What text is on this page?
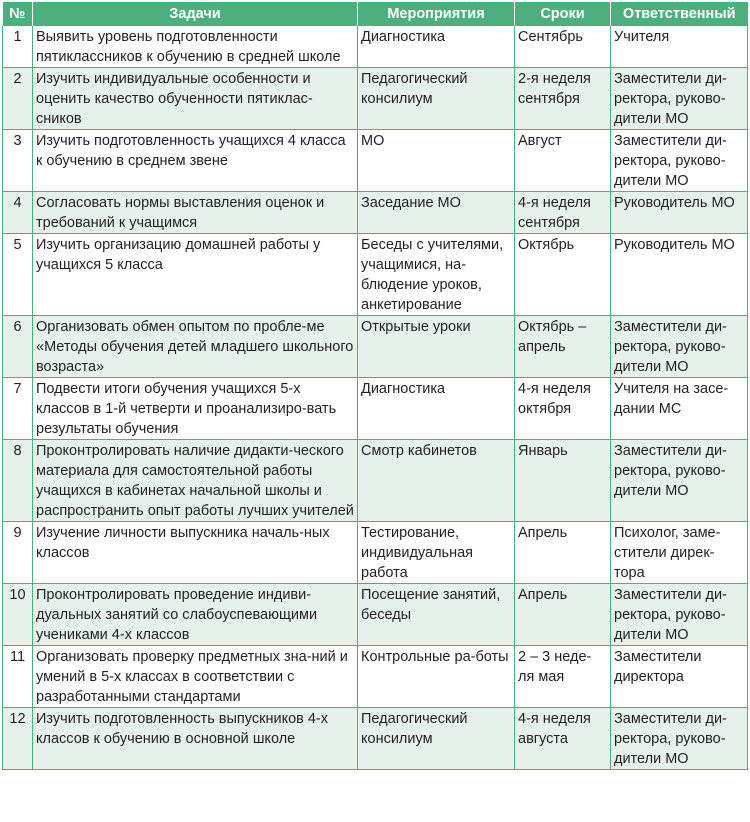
№	Задачи	Мероприятия	Сроки	Ответственный
1	Выявить уровень подготовленности пятиклассников к обучению в средней школе	Диагностика	Сентябрь	Учителя
2	Изучить индивидуальные особенности и оценить качество обученности пятиклас-сников	Педагогический консилиум	2-я неделя сентября	Заместители ди-ректора, руково-дители МО
3	Изучить подготовленность учащихся 4 класса к обучению в среднем звене	МО	Август	Заместители ди-ректора, руково-дители МО
4	Согласовать нормы выставления оценок и требований к учащимся	Заседание МО	4-я неделя сентября	Руководитель МО
5	Изучить организацию домашней работы у учащихся 5 класса	Беседы с учителями, учащимися, на-блюдение уроков, анкетирование	Октябрь	Руководитель МО
6	Организовать обмен опытом по пробле-ме «Методы обучения детей младшего школьного возраста»	Открытые уроки	Октябрь – апрель	Заместители ди-ректора, руково-дители МО
7	Подвести итоги обучения учащихся 5-х классов в 1-й четверти и проанализиро-вать результаты обучения	Диагностика	4-я неделя октября	Учителя на засе-дании МС
8	Проконтролировать наличие дидакти-ческого материала для самостоятельной работы учащихся в кабинетах начальной школы и распространить опыт работы лучших учителей	Смотр кабинетов	Январь	Заместители ди-ректора, руково-дители МО
9	Изучение личности выпускника началь-ных классов	Тестирование, индивидуальная работа	Апрель	Психолог, заме-стители дирек-тора
10	Проконтролировать проведение индиви-дуальных занятий со слабоуспевающими учениками 4-х классов	Посещение занятий, беседы	Апрель	Заместители ди-ректора, руково-дители МО
11	Организовать проверку предметных зна-ний и умений в 5-х классах в соответствии с разработанными стандартами	Контрольные ра-боты	2 – 3 неде-ля мая	Заместители директора
12	Изучить подготовленность выпускников 4-х классов к обучению в основной школе	Педагогический консилиум	4-я неделя августа	Заместители ди-ректора, руково-дители МО
